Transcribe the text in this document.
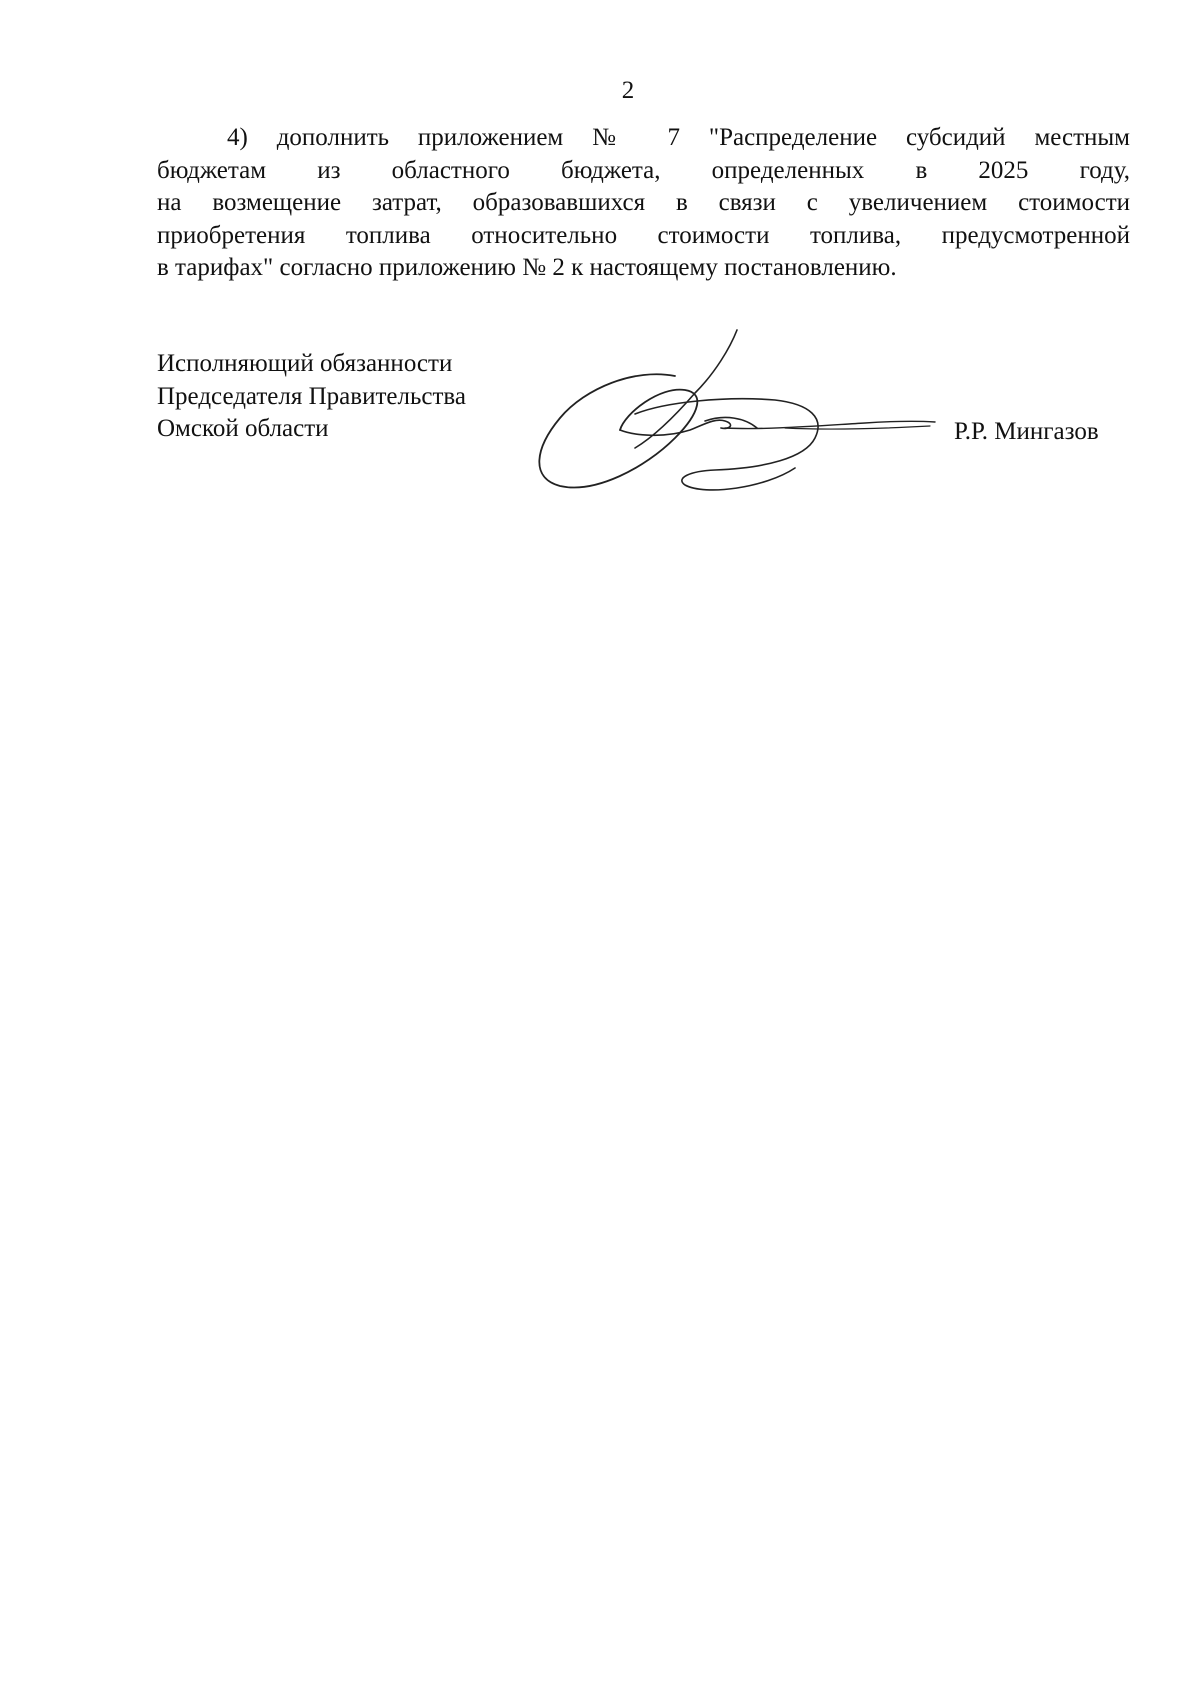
2
4) дополнить приложением № 7 "Распределение субсидий местным
бюджетам из областного бюджета, определенных в 2025 году,
на возмещение затрат, образовавшихся в связи с увеличением стоимости
приобретения топлива относительно стоимости топлива, предусмотренной
в тарифах" согласно приложению № 2 к настоящему постановлению.
Исполняющий обязанности
Председателя Правительства
Омской области	Р.Р. Мингазов
